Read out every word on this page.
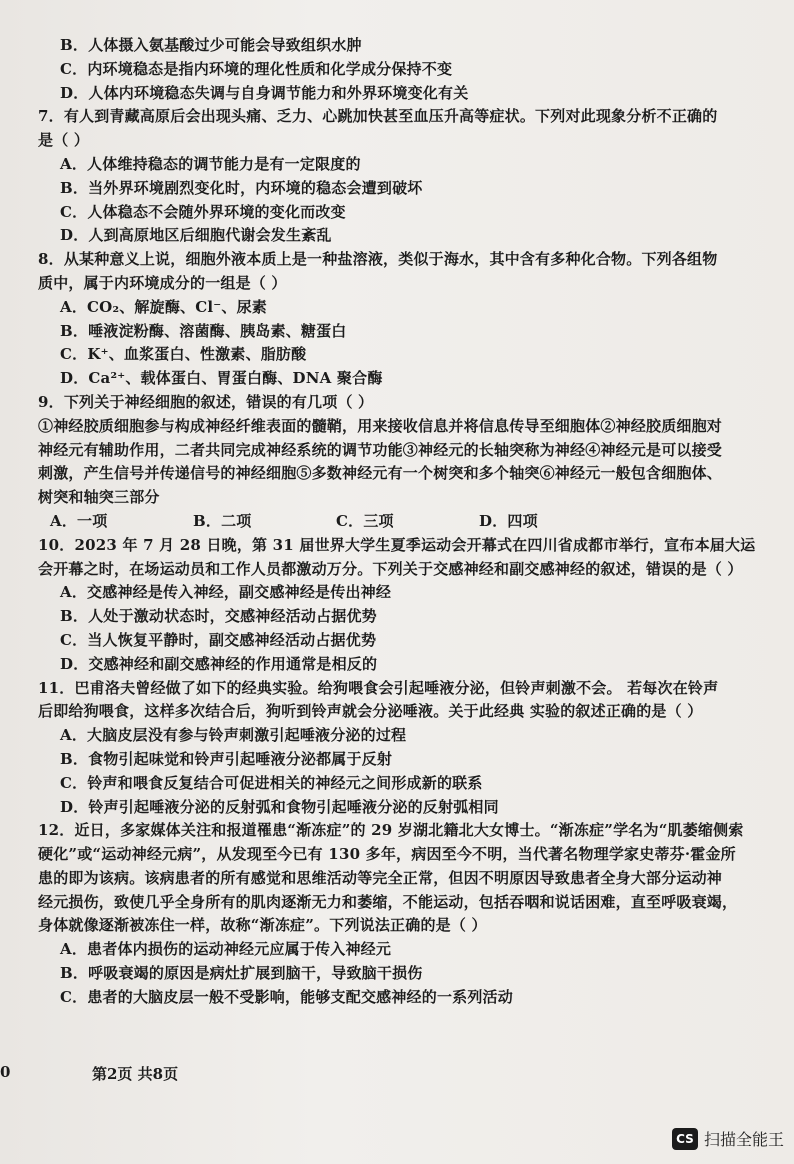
B．人体摄入氨基酸过少可能会导致组织水肿
C．内环境稳态是指内环境的理化性质和化学成分保持不变
D．人体内环境稳态失调与自身调节能力和外界环境变化有关
7．有人到青藏高原后会出现头痛、乏力、心跳加快甚至血压升高等症状。下列对此现象分析不正确的
是（ ）
A．人体维持稳态的调节能力是有一定限度的
B．当外界环境剧烈变化时，内环境的稳态会遭到破坏
C．人体稳态不会随外界环境的变化而改变
D．人到高原地区后细胞代谢会发生紊乱
8．从某种意义上说，细胞外液本质上是一种盐溶液，类似于海水，其中含有多种化合物。下列各组物
质中，属于内环境成分的一组是（ ）
A．CO₂、解旋酶、Cl⁻、尿素
B．唾液淀粉酶、溶菌酶、胰岛素、糖蛋白
C．K⁺、血浆蛋白、性激素、脂肪酸
D．Ca²⁺、载体蛋白、胃蛋白酶、DNA 聚合酶
9．下列关于神经细胞的叙述，错误的有几项（ ）
①神经胶质细胞参与构成神经纤维表面的髓鞘，用来接收信息并将信息传导至细胞体②神经胶质细胞对
神经元有辅助作用，二者共同完成神经系统的调节功能③神经元的长轴突称为神经④神经元是可以接受
刺激，产生信号并传递信号的神经细胞⑤多数神经元有一个树突和多个轴突⑥神经元一般包含细胞体、
树突和轴突三部分
A．一项	B．二项	C．三项	D．四项
10．2023 年 7 月 28 日晚，第 31 届世界大学生夏季运动会开幕式在四川省成都市举行，宣布本届大运
会开幕之时，在场运动员和工作人员都激动万分。下列关于交感神经和副交感神经的叙述，错误的是（ ）
A．交感神经是传入神经，副交感神经是传出神经
B．人处于激动状态时，交感神经活动占据优势
C．当人恢复平静时，副交感神经活动占据优势
D．交感神经和副交感神经的作用通常是相反的
11．巴甫洛夫曾经做了如下的经典实验。给狗喂食会引起唾液分泌，但铃声刺激不会。 若每次在铃声
后即给狗喂食，这样多次结合后，狗听到铃声就会分泌唾液。关于此经典 实验的叙述正确的是（ ）
A．大脑皮层没有参与铃声刺激引起唾液分泌的过程
B．食物引起味觉和铃声引起唾液分泌都属于反射
C．铃声和喂食反复结合可促进相关的神经元之间形成新的联系
D．铃声引起唾液分泌的反射弧和食物引起唾液分泌的反射弧相同
12．近日，多家媒体关注和报道罹患“渐冻症”的 29 岁湖北籍北大女博士。“渐冻症”学名为“肌萎缩侧索
硬化”或“运动神经元病”，从发现至今已有 130 多年，病因至今不明，当代著名物理学家史蒂芬·霍金所
患的即为该病。该病患者的所有感觉和思维活动等完全正常，但因不明原因导致患者全身大部分运动神
经元损伤，致使几乎全身所有的肌肉逐渐无力和萎缩，不能运动，包括吞咽和说话困难，直至呼吸衰竭，
身体就像逐渐被冻住一样，故称“渐冻症”。下列说法正确的是（ ）
A．患者体内损伤的运动神经元应属于传入神经元
B．呼吸衰竭的原因是病灶扩展到脑干，导致脑干损伤
C．患者的大脑皮层一般不受影响，能够支配交感神经的一系列活动
0	第2页 共8页
CS 扫描全能王
